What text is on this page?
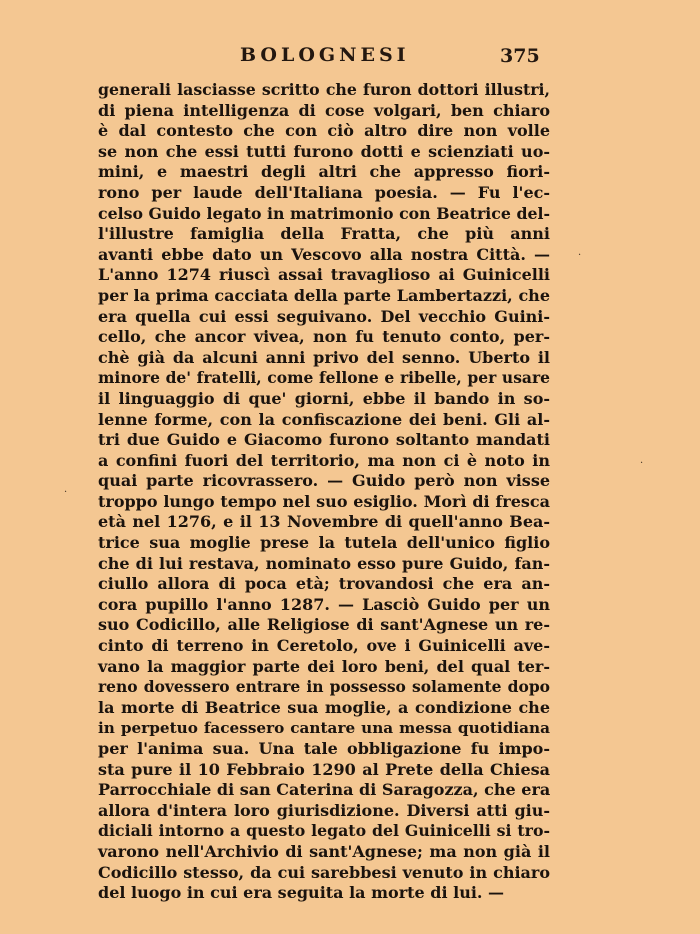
BOLOGNESI	375
generali lasciasse scritto che furon dottori illustri,
di piena intelligenza di cose volgari, ben chiaro
è dal contesto che con ciò altro dire non volle
se non che essi tutti furono dotti e scienziati uo-
mini, e maestri degli altri che appresso fiori-
rono per laude dell'Italiana poesia. — Fu l'ec-
celso Guido legato in matrimonio con Beatrice del-
l'illustre famiglia della Fratta, che più anni
avanti ebbe dato un Vescovo alla nostra Città. —
L'anno 1274 riuscì assai travaglioso ai Guinicelli
per la prima cacciata della parte Lambertazzi, che
era quella cui essi seguivano. Del vecchio Guini-
cello, che ancor vivea, non fu tenuto conto, per-
chè già da alcuni anni privo del senno. Uberto il
minore de' fratelli, come fellone e ribelle, per usare
il linguaggio di que' giorni, ebbe il bando in so-
lenne forme, con la confiscazione dei beni. Gli al-
tri due Guido e Giacomo furono soltanto mandati
a confini fuori del territorio, ma non ci è noto in
quai parte ricovrassero. — Guido però non visse
troppo lungo tempo nel suo esiglio. Morì di fresca
età nel 1276, e il 13 Novembre di quell'anno Bea-
trice sua moglie prese la tutela dell'unico figlio
che di lui restava, nominato esso pure Guido, fan-
ciullo allora di poca età; trovandosi che era an-
cora pupillo l'anno 1287. — Lasciò Guido per un
suo Codicillo, alle Religiose di sant'Agnese un re-
cinto di terreno in Ceretolo, ove i Guinicelli ave-
vano la maggior parte dei loro beni, del qual ter-
reno dovessero entrare in possesso solamente dopo
la morte di Beatrice sua moglie, a condizione che
in perpetuo facessero cantare una messa quotidiana
per l'anima sua. Una tale obbligazione fu impo-
sta pure il 10 Febbraio 1290 al Prete della Chiesa
Parrocchiale di san Caterina di Saragozza, che era
allora d'intera loro giurisdizione. Diversi atti giu-
diciali intorno a questo legato del Guinicelli si tro-
varono nell'Archivio di sant'Agnese; ma non già il
Codicillo stesso, da cui sarebbesi venuto in chiaro
del luogo in cui era seguita la morte di lui. —
·
·
·
